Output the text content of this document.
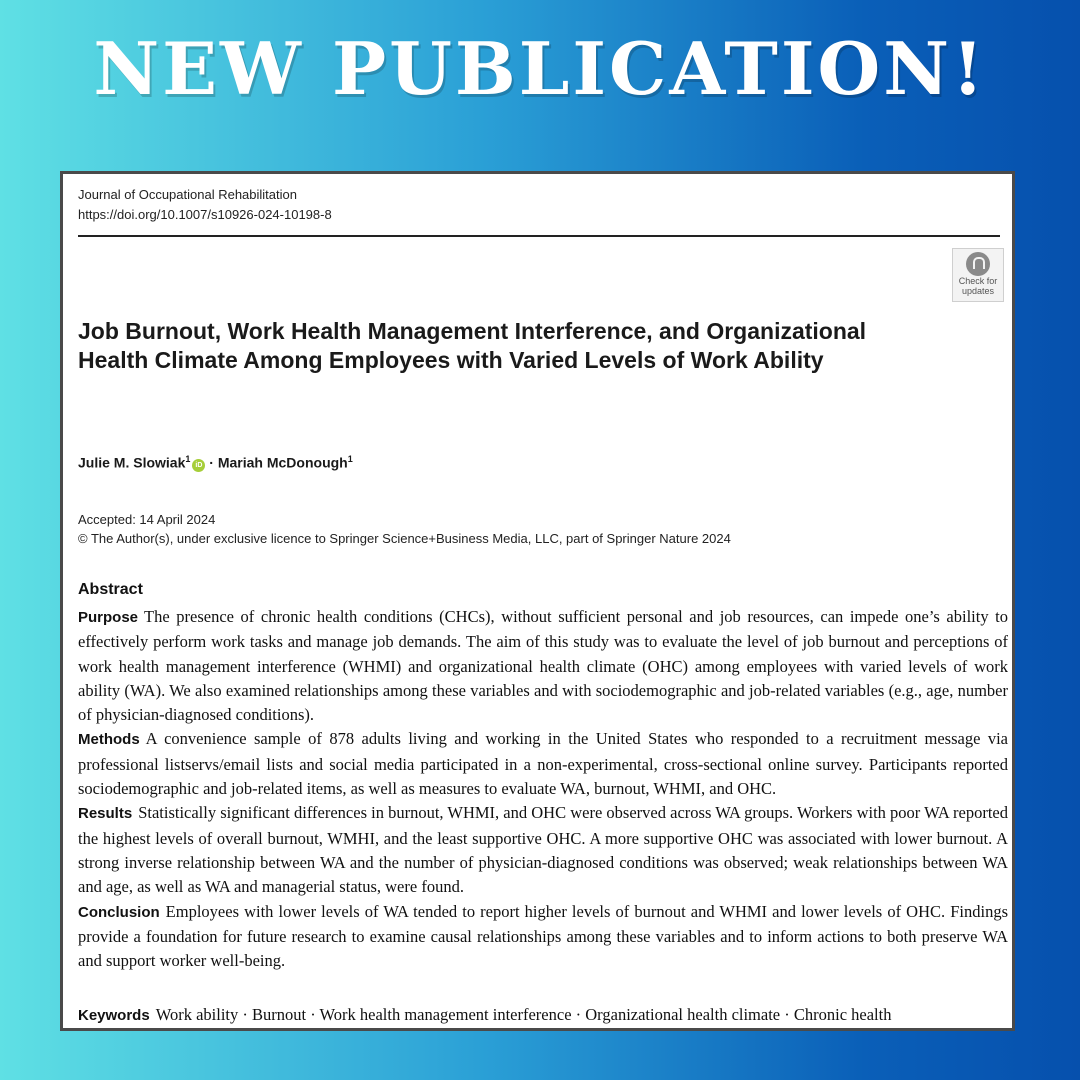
NEW PUBLICATION!
Journal of Occupational Rehabilitation
https://doi.org/10.1007/s10926-024-10198-8
Check for
updates
Job Burnout, Work Health Management Interference, and Organizational Health Climate Among Employees with Varied Levels of Work Ability
Julie M. Slowiak$^1$iD · Mariah McDonough$^1$
Accepted: 14 April 2024
© The Author(s), under exclusive licence to Springer Science+Business Media, LLC, part of Springer Nature 2024
Abstract

Purpose The presence of chronic health conditions (CHCs), without sufficient personal and job resources, can impede one’s ability to effectively perform work tasks and manage job demands. The aim of this study was to evaluate the level of job burnout and perceptions of work health management interference (WHMI) and organizational health climate (OHC) among employees with varied levels of work ability (WA). We also examined relationships among these variables and with sociodemographic and job-related variables (e.g., age, number of physician-diagnosed conditions).

Methods A convenience sample of 878 adults living and working in the United States who responded to a recruitment message via professional listservs/email lists and social media participated in a non-experimental, cross-sectional online survey. Participants reported sociodemographic and job-related items, as well as measures to evaluate WA, burnout, WHMI, and OHC.

Results Statistically significant differences in burnout, WHMI, and OHC were observed across WA groups. Workers with poor WA reported the highest levels of overall burnout, WMHI, and the least supportive OHC. A more supportive OHC was associated with lower burnout. A strong inverse relationship between WA and the number of physician-diagnosed conditions was observed; weak relationships between WA and age, as well as WA and managerial status, were found.

Conclusion Employees with lower levels of WA tended to report higher levels of burnout and WHMI and lower levels of OHC. Findings provide a foundation for future research to examine causal relationships among these variables and to inform actions to both preserve WA and support worker well-being.

Keywords Work ability · Burnout · Work health management interference · Organizational health climate · Chronic health
